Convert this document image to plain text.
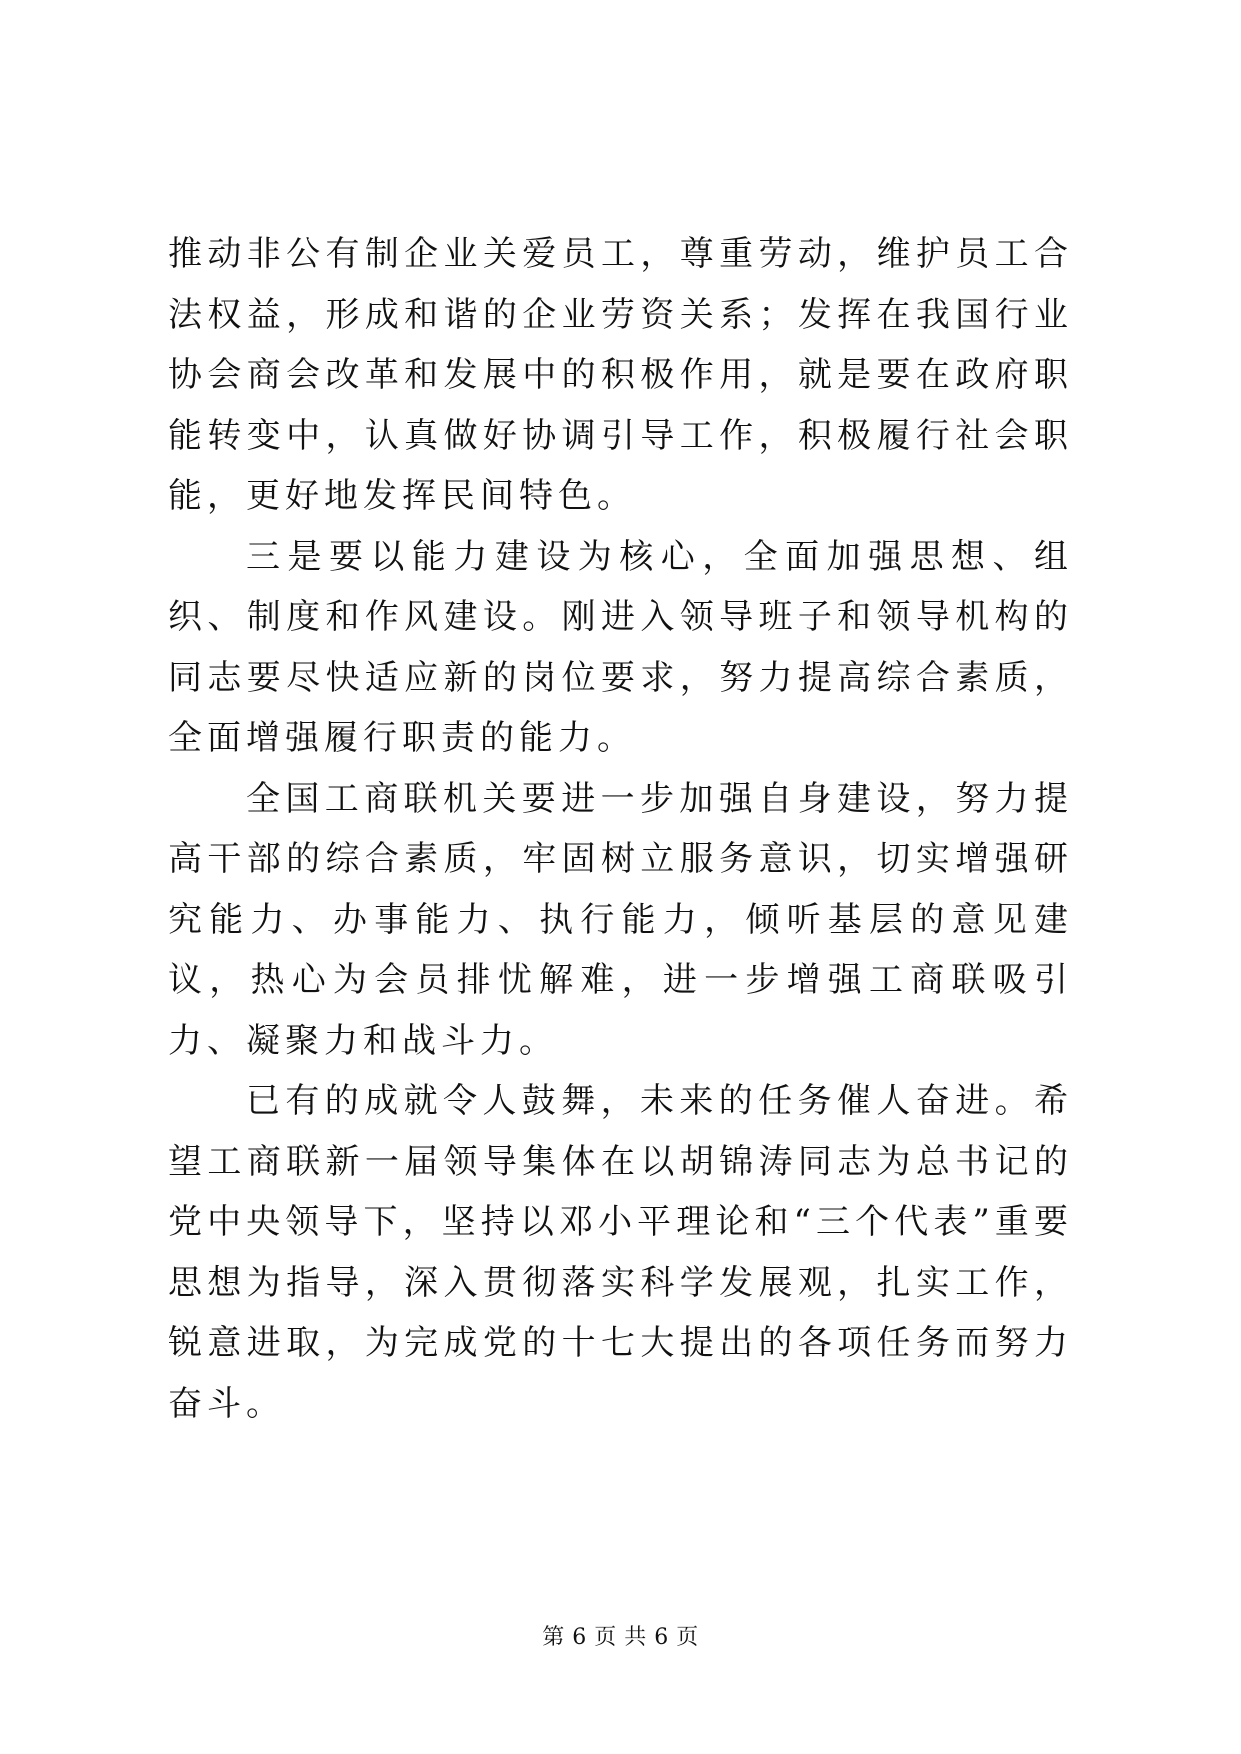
推动非公有制企业关爱员工，尊重劳动，维护员工合法权益，形成和谐的企业劳资关系；发挥在我国行业协会商会改革和发展中的积极作用，就是要在政府职能转变中，认真做好协调引导工作，积极履行社会职能，更好地发挥民间特色。

三是要以能力建设为核心，全面加强思想、组织、制度和作风建设。刚进入领导班子和领导机构的同志要尽快适应新的岗位要求，努力提高综合素质，全面增强履行职责的能力。

全国工商联机关要进一步加强自身建设，努力提高干部的综合素质，牢固树立服务意识，切实增强研究能力、办事能力、执行能力，倾听基层的意见建议，热心为会员排忧解难，进一步增强工商联吸引力、凝聚力和战斗力。

已有的成就令人鼓舞，未来的任务催人奋进。希望工商联新一届领导集体在以胡锦涛同志为总书记的党中央领导下，坚持以邓小平理论和“三个代表”重要思想为指导，深入贯彻落实科学发展观，扎实工作，锐意进取，为完成党的十七大提出的各项任务而努力奋斗。

第 6 页 共 6 页
